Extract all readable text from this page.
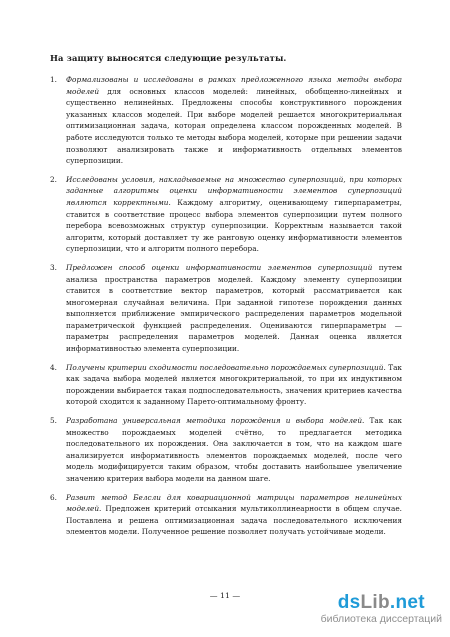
На защиту выносятся следующие результаты.

1. Формализованы и исследованы в рамках предложенного языка методы выбора моделей для основных классов моделей: линейных, обобщенно-линейных и существенно нелинейных. Предложены способы конструктивного порождения указанных классов моделей. При выборе моделей решается многокритериальная оптимизационная задача, которая определена классом порожденных моделей. В работе исследуются только те методы выбора моделей, которые при решении задачи позволяют анализировать также и информативность отдельных элементов суперпозиции.
2. Исследованы условия, накладываемые на множество суперпозиций, при которых заданные алгоритмы оценки информативности элементов суперпозиций являются корректными. Каждому алгоритму, оценивающему гиперпараметры, ставится в соответствие процесс выбора элементов суперпозиции путем полного перебора всевозможных структур суперпозиции. Корректным называется такой алгоритм, который доставляет ту же ранговую оценку информативности элементов суперпозиции, что и алгоритм полного перебора.
3. Предложен способ оценки информативности элементов суперпозиций путем анализа пространства параметров моделей. Каждому элементу суперпозиции ставится в соответствие вектор параметров, который рассматривается как многомерная случайная величина. При заданной гипотезе порождения данных выполняется приближение эмпирического распределения параметров модельной параметрической функцией распределения. Оцениваются гиперпараметры — параметры распределения параметров моделей. Данная оценка является информативностью элемента суперпозиции.
4. Получены критерии сходимости последовательно порождаемых суперпозиций. Так как задача выбора моделей является многокритериальной, то при их индуктивном порождении выбирается такая подпоследовательность, значения критериев качества которой сходится к заданному Парето-оптимальному фронту.
5. Разработана универсальная методика порождения и выбора моделей. Так как множество порождаемых моделей счётно, то предлагается методика последовательного их порождения. Она заключается в том, что на каждом шаге анализируется информативность элементов порождаемых моделей, после чего модель модифицируется таким образом, чтобы доставить наибольшее увеличение значению критерия выбора модели на данном шаге.
6. Развит метод Белсли для ковариационной матрицы параметров нелинейных моделей. Предложен критерий отсыкания мультиколлинеарности в общем случае. Поставлена и решена оптимизационная задача последовательного исключения элементов модели. Полученное решение позволяет получать устойчивые модели.
— 11 —	dsLib.net
библиотека диссертаций
